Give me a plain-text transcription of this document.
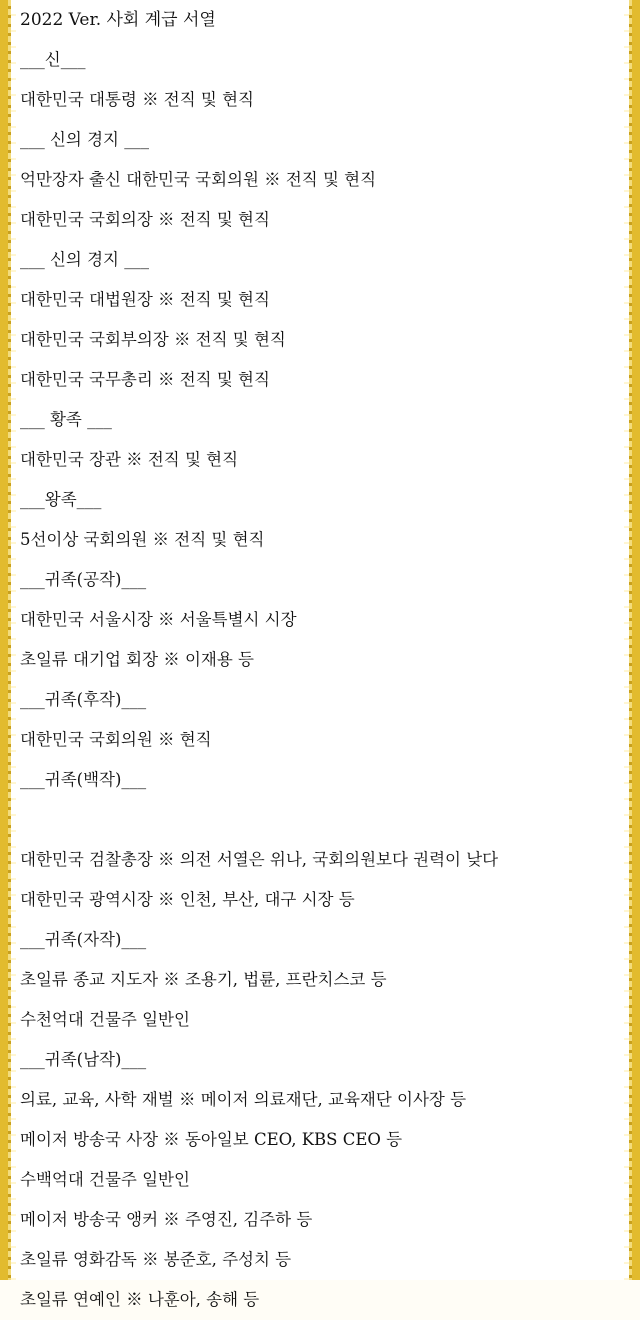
2022 Ver. 사회 계급 서열
___신___
대한민국 대통령 ※ 전직 및 현직
___ 신의 경지 ___
억만장자 출신 대한민국 국회의원 ※ 전직 및 현직
대한민국 국회의장 ※ 전직 및 현직
___ 신의 경지 ___
대한민국 대법원장 ※ 전직 및 현직
대한민국 국회부의장 ※ 전직 및 현직
대한민국 국무총리 ※ 전직 및 현직
___ 황족 ___
대한민국 장관 ※ 전직 및 현직
___왕족___
5선이상 국회의원 ※ 전직 및 현직
___귀족(공작)___
대한민국 서울시장 ※ 서울특별시 시장
초일류 대기업 회장 ※ 이재용 등
___귀족(후작)___
대한민국 국회의원 ※ 현직
___귀족(백작)___
대한민국 검찰총장 ※ 의전 서열은 위나, 국회의원보다 권력이 낮다
대한민국 광역시장 ※ 인천, 부산, 대구 시장 등
___귀족(자작)___
초일류 종교 지도자 ※ 조용기, 법륜, 프란치스코 등
수천억대 건물주 일반인
___귀족(남작)___
의료, 교육, 사학 재벌 ※ 메이저 의료재단, 교육재단 이사장 등
메이저 방송국 사장 ※ 동아일보 CEO, KBS CEO 등
수백억대 건물주 일반인
메이저 방송국 앵커 ※ 주영진, 김주하 등
초일류 영화감독 ※ 봉준호, 주성치 등
초일류 연예인 ※ 나훈아, 송해 등
